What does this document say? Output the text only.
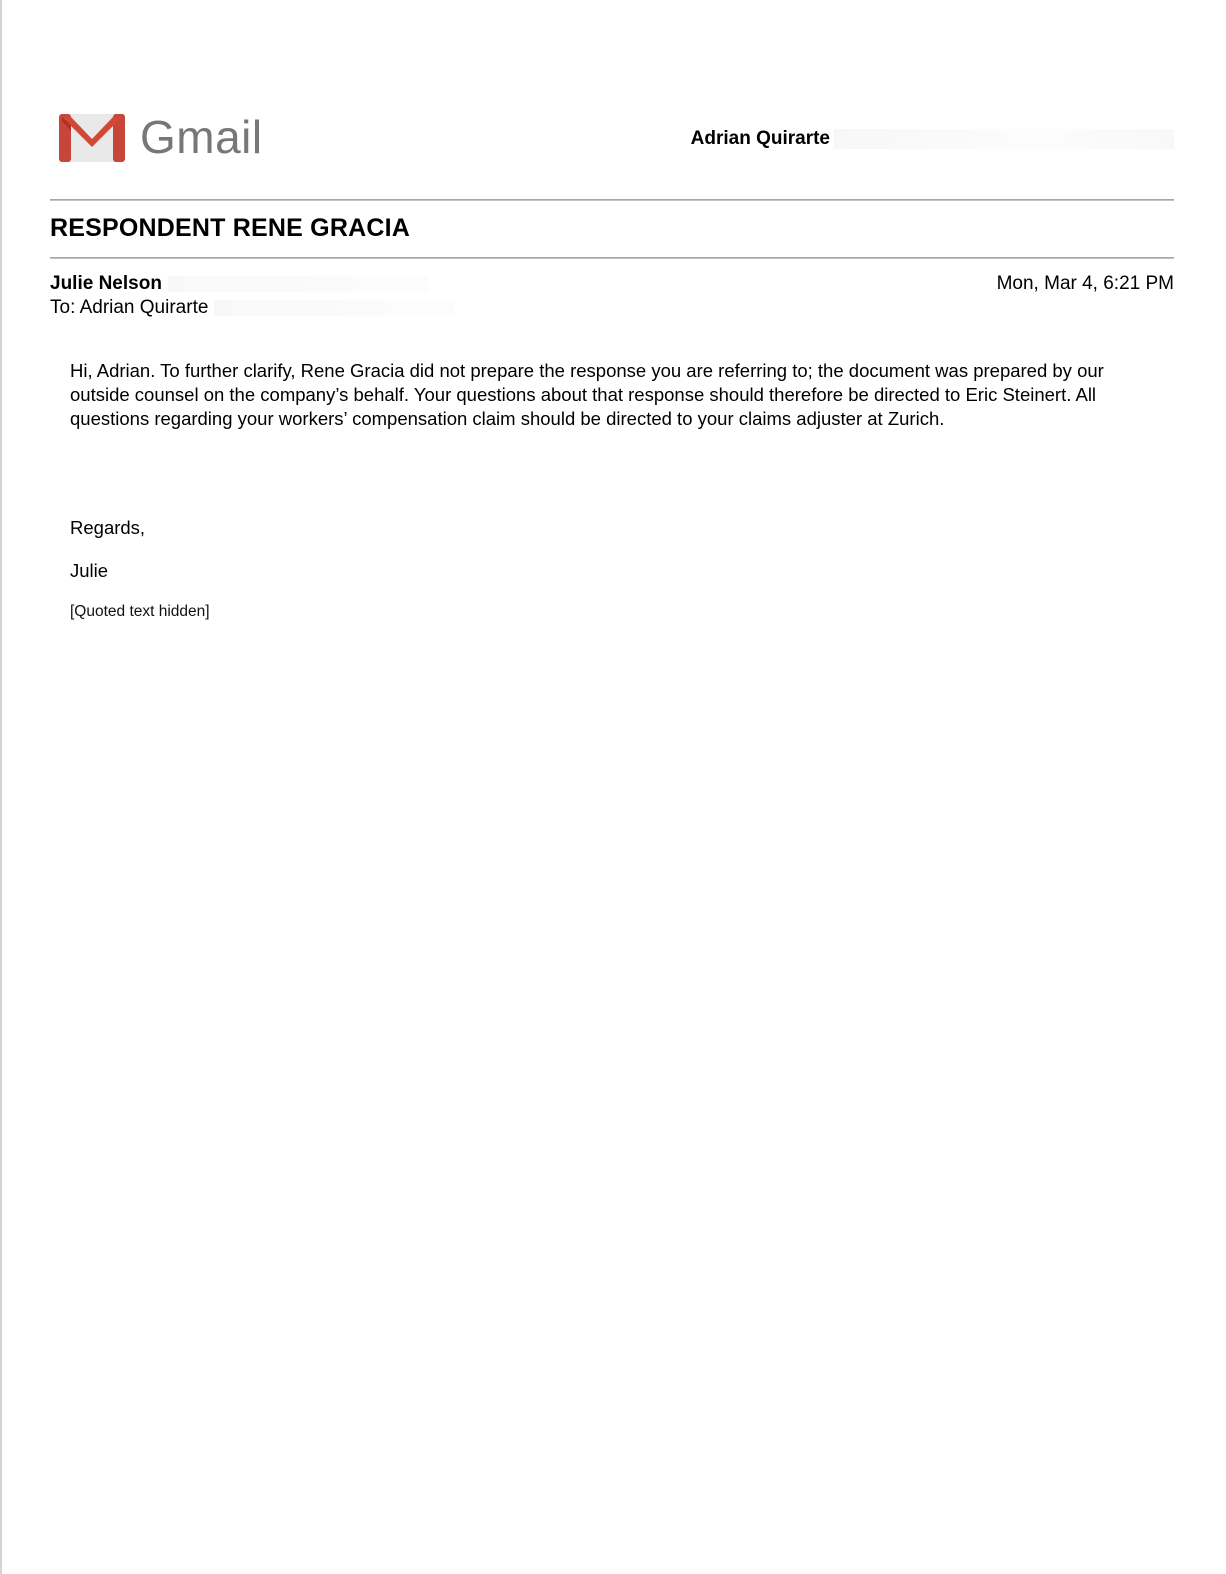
Gmail	Adrian Quirarte
RESPONDENT RENE GRACIA
Julie Nelson	Mon, Mar 4, 6:21 PM
To: Adrian Quirarte

Hi, Adrian. To further clarify, Rene Gracia did not prepare the response you are referring to; the document was prepared by our outside counsel on the company’s behalf. Your questions about that response should therefore be directed to Eric Steinert. All questions regarding your workers’ compensation claim should be directed to your claims adjuster at Zurich.

Regards,
Julie
[Quoted text hidden]
